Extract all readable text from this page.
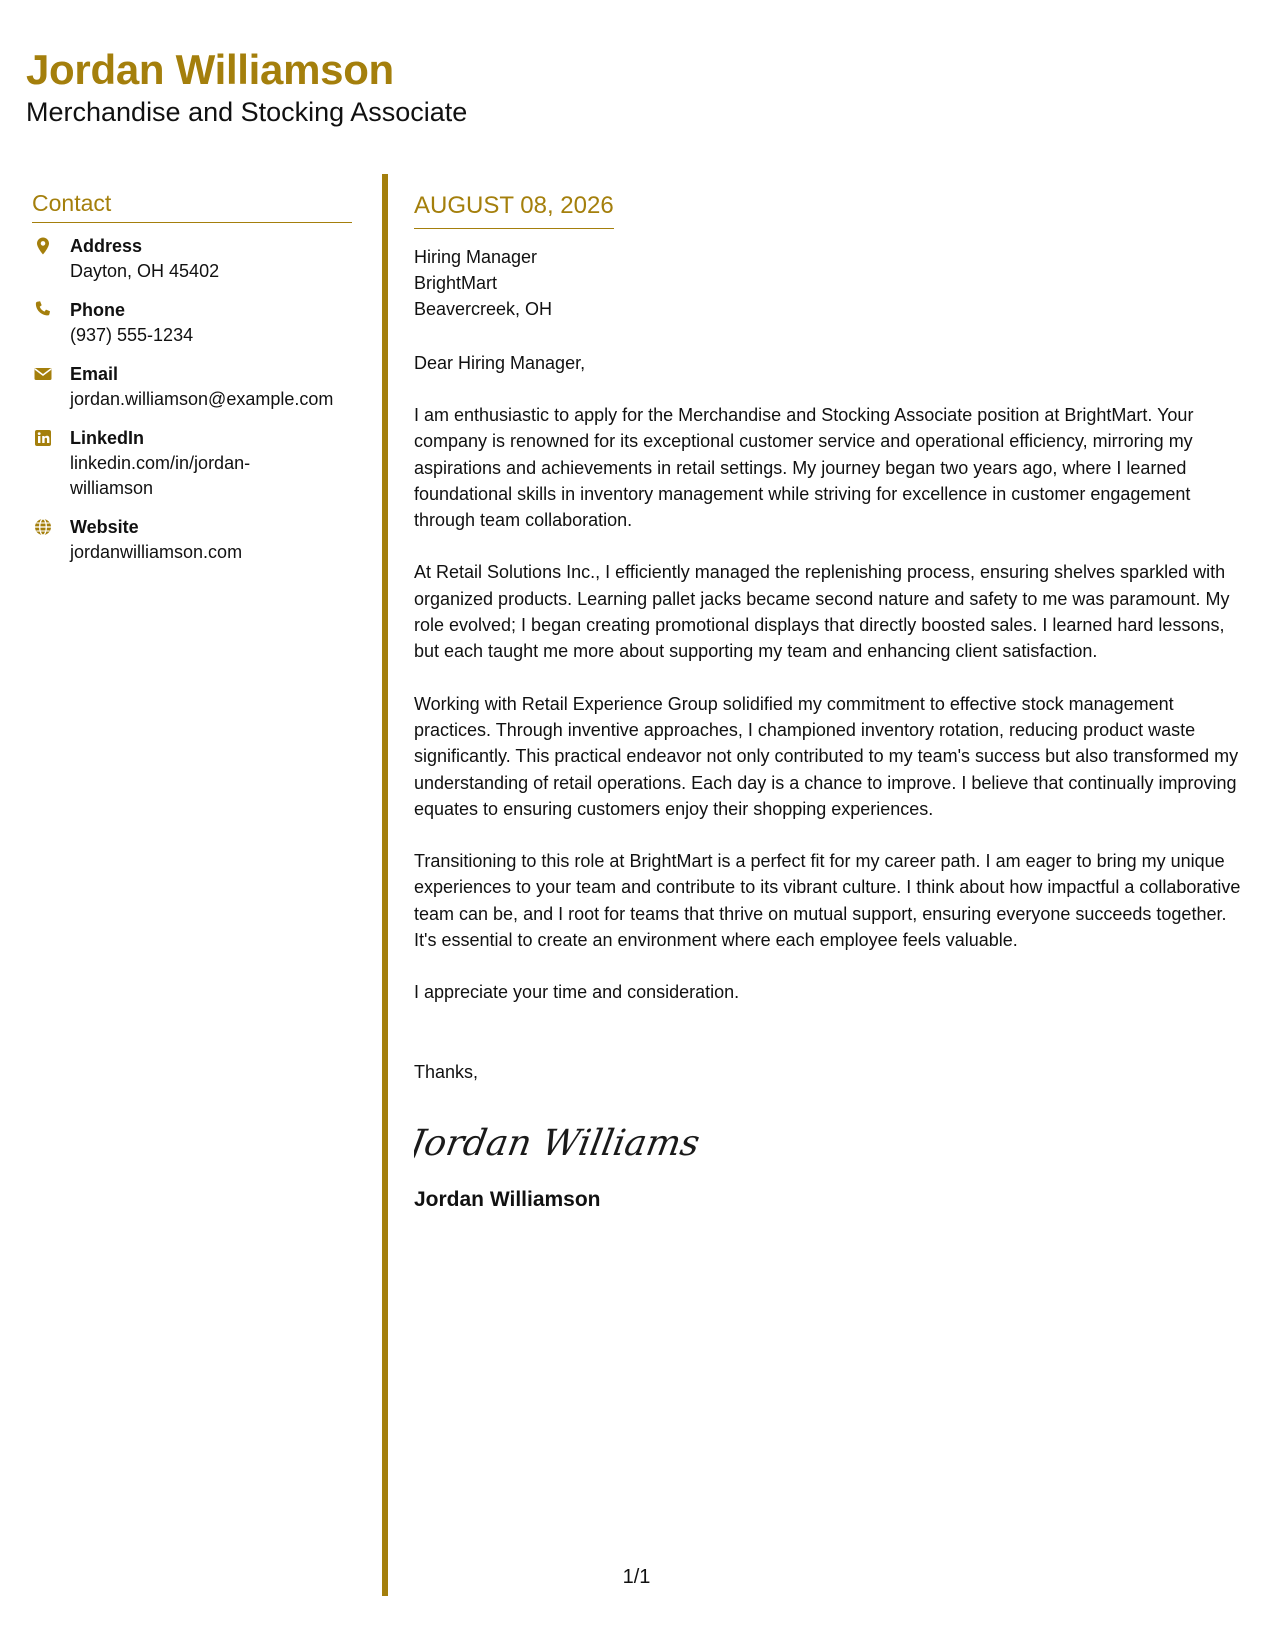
Jordan Williamson
Merchandise and Stocking Associate
Contact
Address
Dayton, OH 45402
Phone
(937) 555-1234
Email
jordan.williamson@example.com
LinkedIn
linkedin.com/in/jordan-williamson
Website
jordanwilliamson.com
AUGUST 08, 2026
Hiring Manager
BrightMart
Beavercreek, OH
Dear Hiring Manager,
I am enthusiastic to apply for the Merchandise and Stocking Associate position at BrightMart. Your company is renowned for its exceptional customer service and operational efficiency, mirroring my aspirations and achievements in retail settings. My journey began two years ago, where I learned foundational skills in inventory management while striving for excellence in customer engagement through team collaboration.
At Retail Solutions Inc., I efficiently managed the replenishing process, ensuring shelves sparkled with organized products. Learning pallet jacks became second nature and safety to me was paramount. My role evolved; I began creating promotional displays that directly boosted sales. I learned hard lessons, but each taught me more about supporting my team and enhancing client satisfaction.
Working with Retail Experience Group solidified my commitment to effective stock management practices. Through inventive approaches, I championed inventory rotation, reducing product waste significantly. This practical endeavor not only contributed to my team's success but also transformed my understanding of retail operations. Each day is a chance to improve. I believe that continually improving equates to ensuring customers enjoy their shopping experiences.
Transitioning to this role at BrightMart is a perfect fit for my career path. I am eager to bring my unique experiences to your team and contribute to its vibrant culture. I think about how impactful a collaborative team can be, and I root for teams that thrive on mutual support, ensuring everyone succeeds together. It's essential to create an environment where each employee feels valuable.
I appreciate your time and consideration.
Thanks,
Jordan Williams
Jordan Williamson
1/1
